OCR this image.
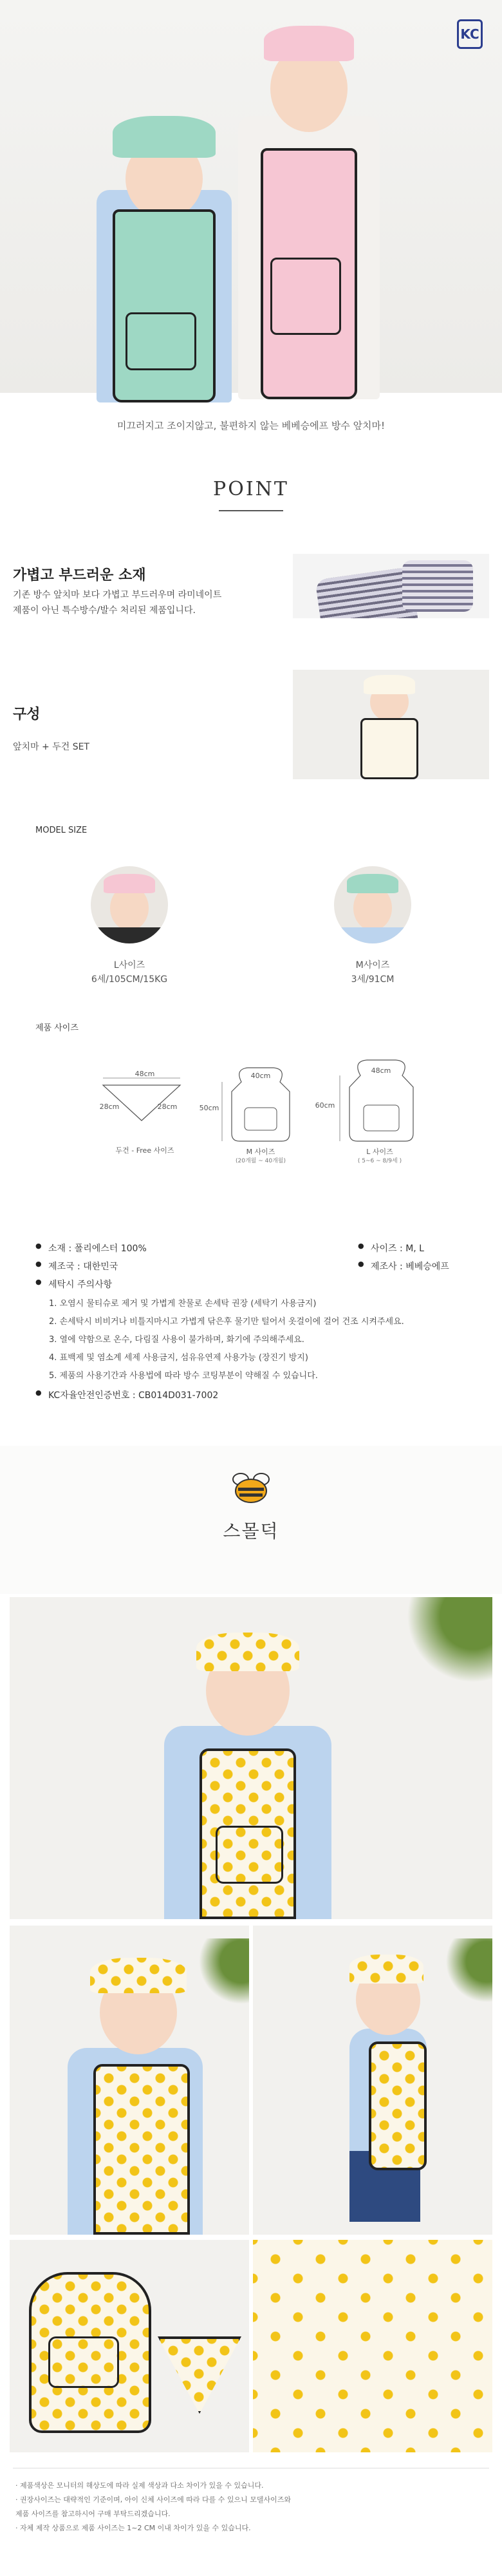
KC
미끄러지고 조이지않고, 불편하지 않는 베베승에프 방수 앞치마!
POINT
가볍고 부드러운 소재
기존 방수 앞치마 보다 가볍고 부드러우며 라미네이트
제품이 아닌 특수방수/발수 처리된 제품입니다.
구성
앞치마 + 두건 SET
MODEL SIZE
L사이즈
6세/105CM/15KG
M사이즈
3세/91CM
제품 사이즈
48cm
28cm	28cm
두건 - Free 사이즈
40cm
50cm
M 사이즈
(20개월 ~ 40개월)
48cm
60cm
L 사이즈
( 5~6 ~ 8/9세 )
● 소재 : 폴리에스터 100%
● 제조국 : 대한민국
● 세탁시 주의사항
● 사이즈 : M, L
● 제조사 : 베베승에프
1. 오염시 물티슈로 제거 및 가볍게 찬물로 손세탁 권장 (세탁기 사용금지)
2. 손세탁시 비비거나 비틀지마시고 가볍게 닦은후 물기만 털어서 옷걸이에 걸어 건조 시켜주세요.
3. 열에 약함으로 온수, 다림질 사용이 불가하며, 화기에 주의해주세요.
4. 표백제 및 염소계 세제 사용금지, 섬유유연제 사용가능 (장진기 방지)
5. 제품의 사용기간과 사용법에 따라 방수 코팅부분이 약해질 수 있습니다.
● KC자율안전인증번호 : CB014D031-7002
스몰덕
· 제품색상은 모니터의 해상도에 따라 실제 색상과 다소 차이가 있을 수 있습니다.
· 권장사이즈는 대략적인 기준이며, 아이 신체 사이즈에 따라 다를 수 있으니 모델사이즈와
제품 사이즈를 참고하시어 구매 부탁드리겠습니다.
· 자체 제작 상품으로 제품 사이즈는 1~2 CM 이내 차이가 있을 수 있습니다.
